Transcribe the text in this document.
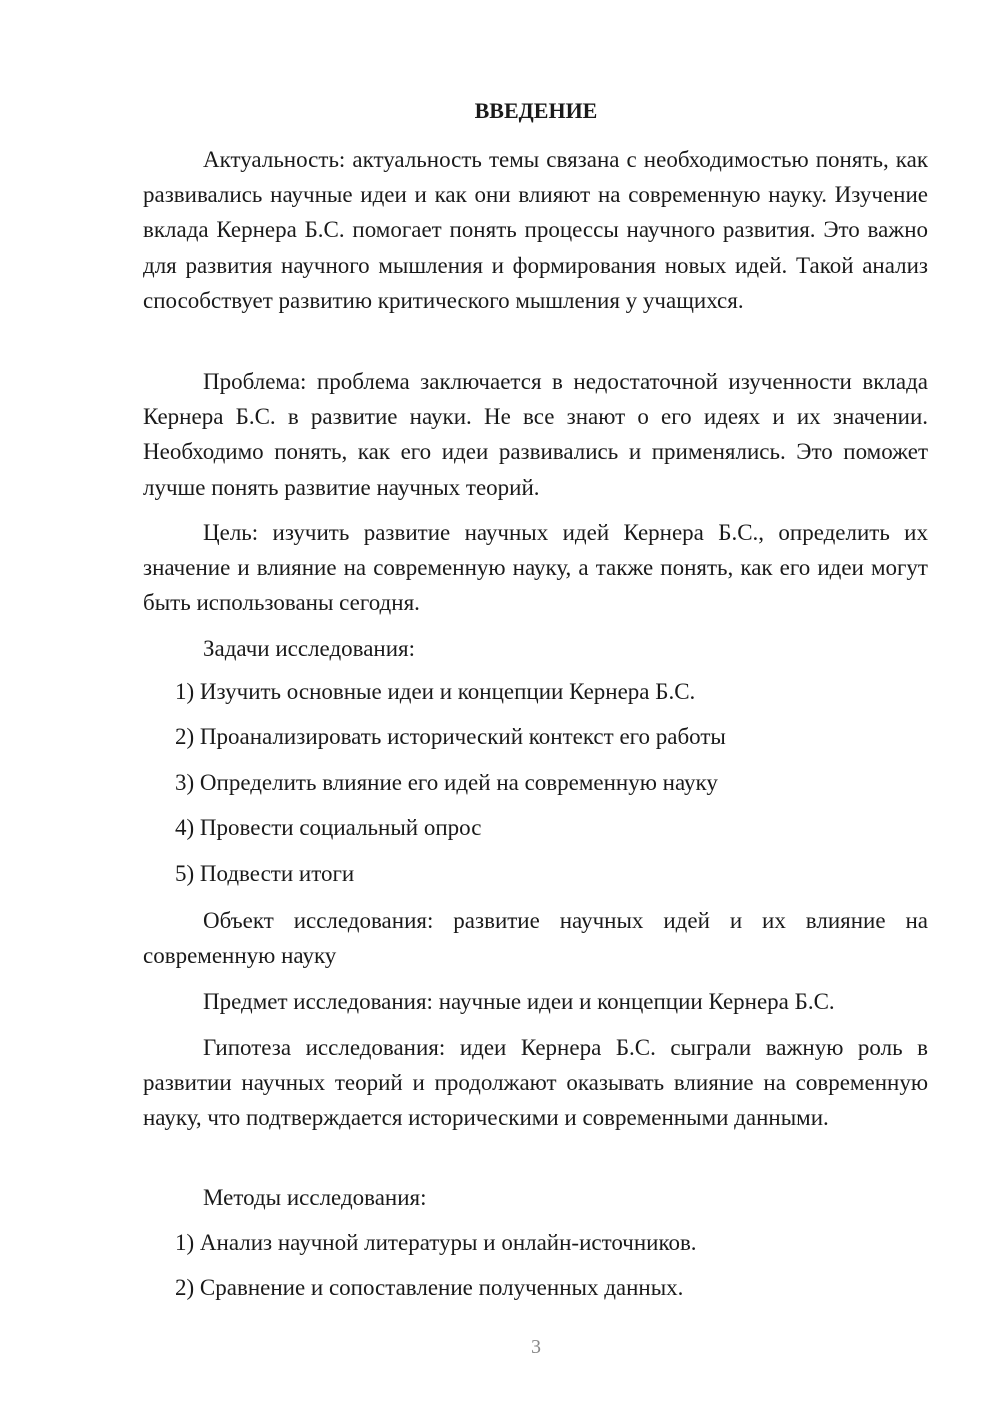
ВВЕДЕНИЕ

Актуальность: актуальность темы связана с необходимостью понять, как развивались научные идеи и как они влияют на современную науку. Изучение вклада Кернера Б.С. помогает понять процессы научного развития. Это важно для развития научного мышления и формирования новых идей. Такой анализ способствует развитию критического мышления у учащихся.

Проблема: проблема заключается в недостаточной изученности вклада Кернера Б.С. в развитие науки. Не все знают о его идеях и их значении. Необходимо понять, как его идеи развивались и применялись. Это поможет лучше понять развитие научных теорий.

Цель: изучить развитие научных идей Кернера Б.С., определить их значение и влияние на современную науку, а также понять, как его идеи могут быть использованы сегодня.

Задачи исследования:

1) Изучить основные идеи и концепции Кернера Б.С.

2) Проанализировать исторический контекст его работы

3) Определить влияние его идей на современную науку

4) Провести социальный опрос

5) Подвести итоги

Объект исследования: развитие научных идей и их влияние на современную науку

Предмет исследования: научные идеи и концепции Кернера Б.С.

Гипотеза исследования: идеи Кернера Б.С. сыграли важную роль в развитии научных теорий и продолжают оказывать влияние на современную науку, что подтверждается историческими и современными данными.

Методы исследования:

1) Анализ научной литературы и онлайн-источников.

2) Сравнение и сопоставление полученных данных.

3
